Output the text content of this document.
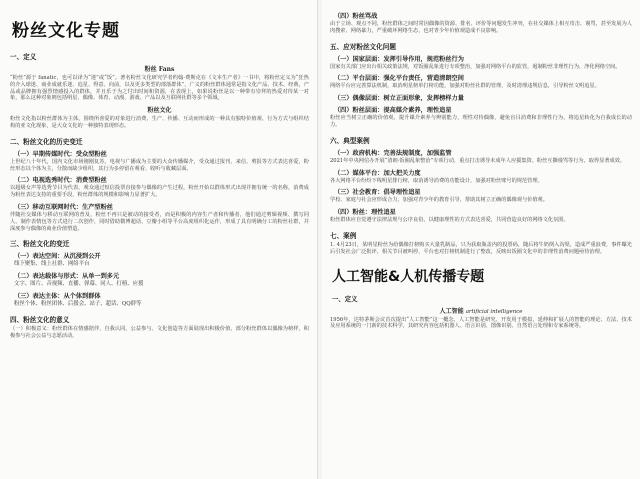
粉丝文化专题
一、定义
粉丝 Fans
“粉丝”源于 fanatic，也可以译为“迷”或“饭”。著名粉丝文化研究学者约翰·费斯克在《文本生产者》一书中，将粉丝定义为“狂热的介入球迷、商业成就乐迷、追星、得意、向前，以及更多类型的部落群体”，广义的粉丝群体通常是指文化产品、技术、经典，产品或品牌拥有强烈情感投入的群体，并且乐于为之付出时间和资源，在表现上，如果说粉丝是以一种带有崇拜的热爱对待某一对象，那么这种对象则包括明星、偶像、体育、动漫、游戏、产品以及互联网社群等多个领域。
粉丝文化
粉丝文化指以粉丝群体为主体，围绕所喜爱的对象进行消费、生产、传播、互动而形成的一种具有独特价值观、行为方式与组织结构的亚文化现象，是大众文化的一种独特表现形态。
二、粉丝文化的历史变迁
（一）早期传媒时代：受众型粉丝
上世纪八十年代，国内文化市场刚刚复苏，电视与广播成为主要的大众传播媒介，受众通过报刊、来信、剪报等方式表达喜爱，粉丝形态以个体为主，分散而缺少组织，其行为多停留在观看、收听与收藏层面。
（二）电视选秀时代：消费型粉丝
以超级女声等选秀节目为代表，观众通过短信投票直接参与偶像的产生过程，粉丝开始以群体形式出现并拥有统一的名称，消费成为粉丝表达支持的重要手段，粉丝群体的规模和影响力显著扩大。
（三）移动互联网时代：生产型粉丝
伴随社交媒体与移动互联网的普及，粉丝不再只是被动的接受者，而是积极的内容生产者和传播者，他们通过剪辑视频、撰写同人、制作表情包等方式进行二次创作，同时借助微博超话、豆瓣小组等平台高度组织化运作，形成了具有明确分工的粉丝社群，并深度参与偶像的商业价值塑造。
三、粉丝文化的变迁
（一）表达空间：从沉浸到公开
线下聚集、线上社群、网络平台
（二）表达载体与形式：从单一到多元
文字、图片、音视频、直播、弹幕、同人、打榜、应援
（三）表达主体：从个体到群体
粉丝个体、粉丝团体、后援会、站子、超话、QQ群等
四、粉丝文化的意义
（一）积极意义：粉丝群体在情感陪伴、自我认同、公益参与、文化创造等方面展现出积极价值，部分粉丝群体以偶像为榜样，积极参与社会公益与志愿活动。
（四）粉丝骂战
由于立场、观点不同，粉丝群体之间时常因偶像的资源、排名、评价等问题发生冲突，在社交媒体上相互攻击、谩骂，甚至发展为人肉搜索、网络暴力，严重破坏网络生态，也对青少年价值观造成不良影响。
五、应对粉丝文化问题
（一）国家层面：发挥引导作用，规范粉丝行为
国家有关部门应出台相关政策法规，对饭圈乱象进行专项整治，加强对网络平台的监管，遏制粉丝非理性行为，净化网络空间。
（二）平台层面：强化平台责任，营造清朗空间
网络平台应完善算法机制，取消明星榜单打榜功能，加强对粉丝社群的管理，及时清理违规信息，引导粉丝文明追星。
（三）偶像层面：树立正面形象，发挥榜样力量
（四）粉丝层面：提高媒介素养，理性追星
粉丝应当树立正确的价值观，提升媒介素养与辨别能力，理性对待偶像，避免盲目消费和非理性行为，将追星转化为自我成长的动力。
六、典型案例
（一）政府机构：完善法规制度，加强监管
2021年中央网信办开展“清朗·饭圈乱象整治”专项行动，重点打击诱导未成年人应援集资、粉丝互撕谩骂等行为，取得显著成效。
（二）媒体平台：加大把关力度
各大网络平台纷纷下线明星排行榜，取消诱导消费的功能设计，加强对粉丝账号的规范管理。
（三）社会教育：倡导理性追星
学校、家庭与社会应形成合力，加强对青少年的教育引导，帮助其树立正确的偶像观与价值观。
（四）粉丝：理性追星
粉丝群体应自觉遵守法律法规与公序良俗，以健康理性的方式表达喜爱，共同营造良好的网络文化氛围。
七、案例
1. 4月23日，某明星粉丝为给偶像打榜购买大量乳制品，只为获取瓶盖内的投票码，随后将牛奶倒入沟渠，造成严重浪费，事件曝光后引发社会广泛批评，相关节目被叫停，平台也对打榜机制进行了整改，反映出饭圈文化中的非理性消费问题亟待治理。
人工智能&人机传播专题
一、定义
人工智能 artificial intelligence
1956年，达特茅斯会议首次提出“人工智能”这一概念，人工智能是研究、开发用于模拟、延伸和扩展人的智能的理论、方法、技术及应用系统的一门新的技术科学，其研究内容包括机器人、语言识别、图像识别、自然语言处理和专家系统等。
